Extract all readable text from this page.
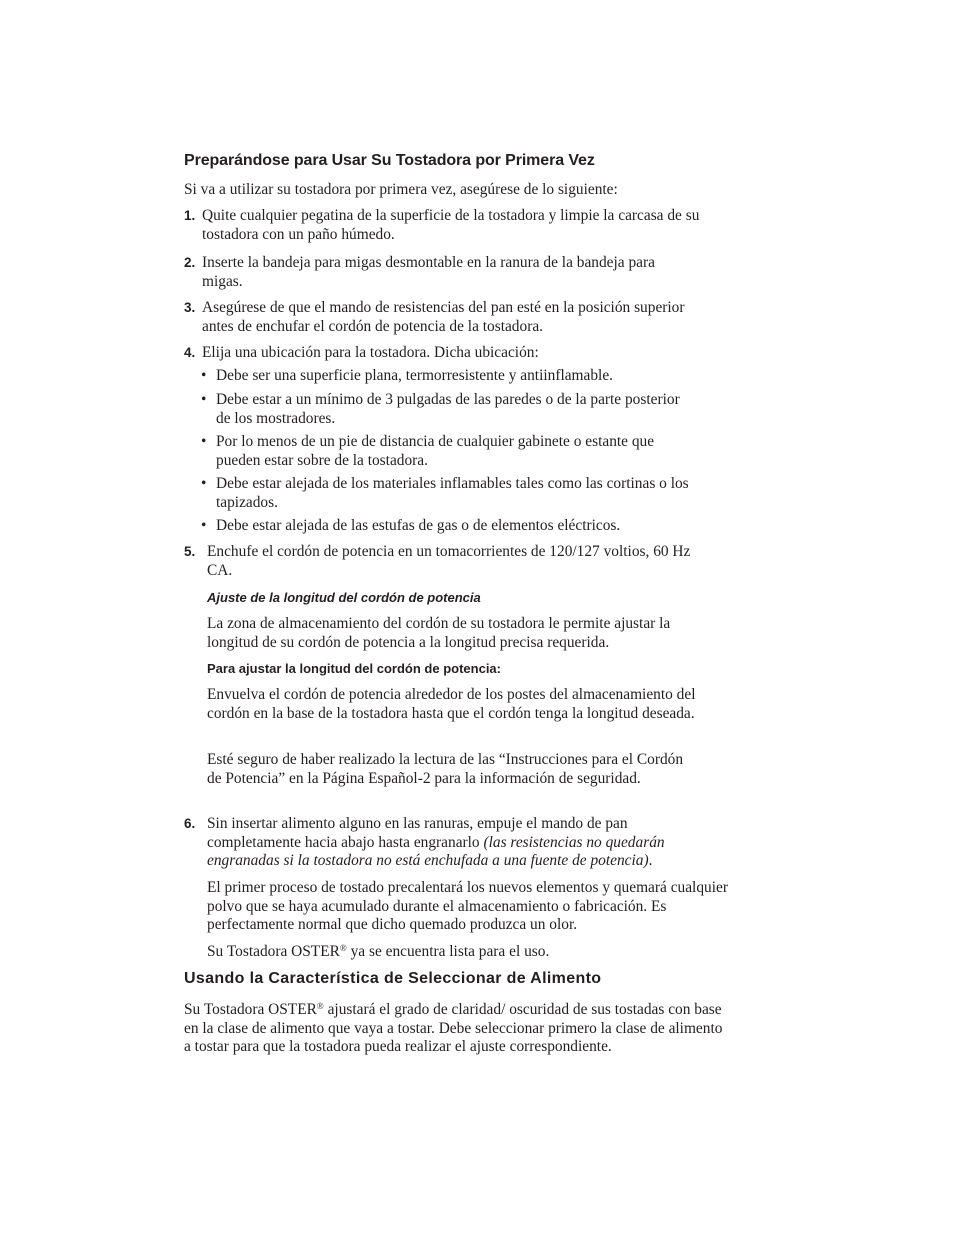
Preparándose para Usar Su Tostadora por Primera Vez
Si va a utilizar su tostadora por primera vez, asegúrese de lo siguiente:
1. Quite cualquier pegatina de la superficie de la tostadora y limpie la carcasa de su tostadora con un paño húmedo.
2. Inserte la bandeja para migas desmontable en la ranura de la bandeja para migas.
3. Asegúrese de que el mando de resistencias del pan esté en la posición superior antes de enchufar el cordón de potencia de la tostadora.
4. Elija una ubicación para la tostadora. Dicha ubicación:
• Debe ser una superficie plana, termorresistente y antiinflamable.
• Debe estar a un mínimo de 3 pulgadas de las paredes o de la parte posterior de los mostradores.
• Por lo menos de un pie de distancia de cualquier gabinete o estante que pueden estar sobre de la tostadora.
• Debe estar alejada de los materiales inflamables tales como las cortinas o los tapizados.
• Debe estar alejada de las estufas de gas o de elementos eléctricos.
5. Enchufe el cordón de potencia en un tomacorrientes de 120/127 voltios, 60 Hz CA.
Ajuste de la longitud del cordón de potencia
La zona de almacenamiento del cordón de su tostadora le permite ajustar la longitud de su cordón de potencia a la longitud precisa requerida.
Para ajustar la longitud del cordón de potencia:
Envuelva el cordón de potencia alrededor de los postes del almacenamiento del cordón en la base de la tostadora hasta que el cordón tenga la longitud deseada.
Esté seguro de haber realizado la lectura de las “Instrucciones para el Cordón de Potencia” en la Página Español-2 para la información de seguridad.
6. Sin insertar alimento alguno en las ranuras, empuje el mando de pan completamente hacia abajo hasta engranarlo (las resistencias no quedarán engranadas si la tostadora no está enchufada a una fuente de potencia).
El primer proceso de tostado precalentará los nuevos elementos y quemará cualquier polvo que se haya acumulado durante el almacenamiento o fabricación. Es perfectamente normal que dicho quemado produzca un olor.
Su Tostadora OSTER® ya se encuentra lista para el uso.
Usando la Característica de Seleccionar de Alimento
Su Tostadora OSTER® ajustará el grado de claridad/ oscuridad de sus tostadas con base en la clase de alimento que vaya a tostar. Debe seleccionar primero la clase de alimento a tostar para que la tostadora pueda realizar el ajuste correspondiente.
